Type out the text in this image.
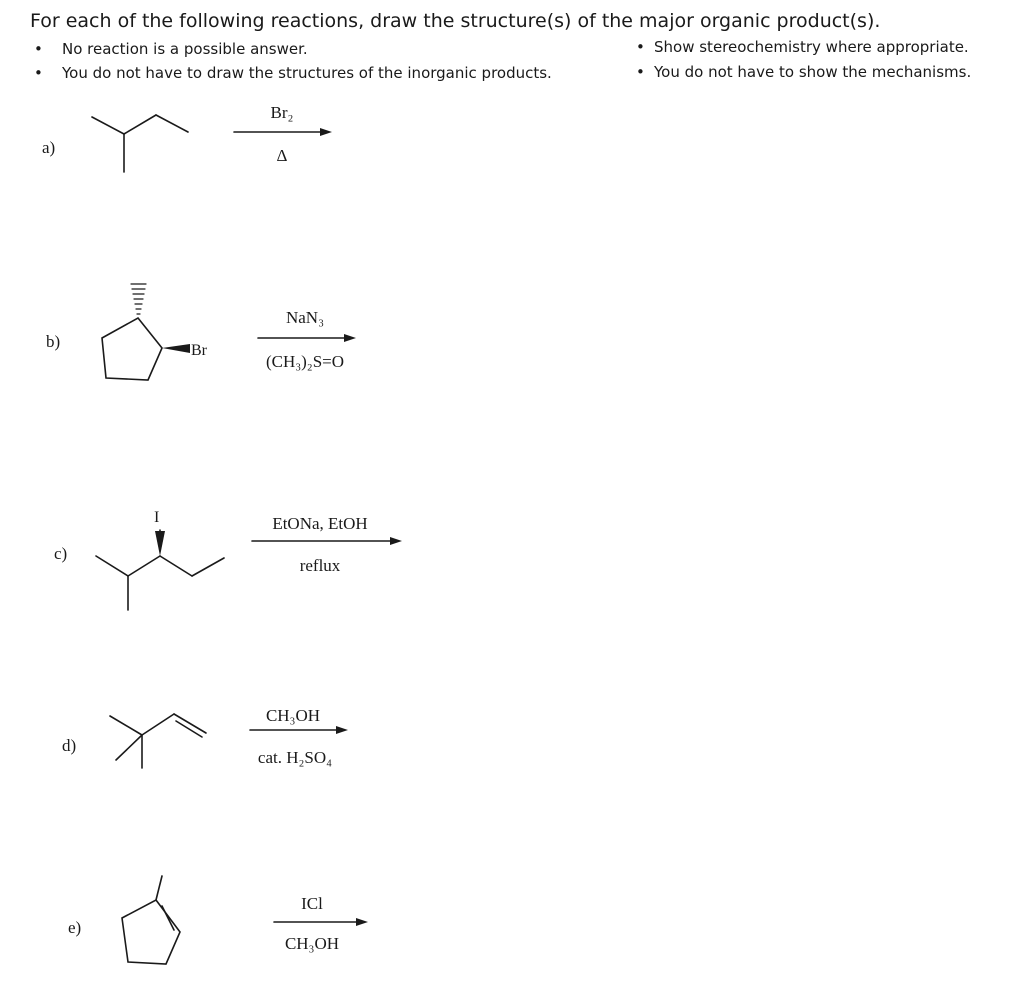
For each of the following reactions, draw the structure(s) of the major organic product(s).
• No reaction is a possible answer.
• You do not have to draw the structures of the inorganic products.
• Show stereochemistry where appropriate.
• You do not have to show the mechanisms.
a)
b)
c)
d)
e)
Br₂
Δ
NaN₃
(CH₃)₂S=O
EtONa, EtOH
reflux
CH₃OH
cat. H₂SO₄
ICl
CH₃OH
Br
I
